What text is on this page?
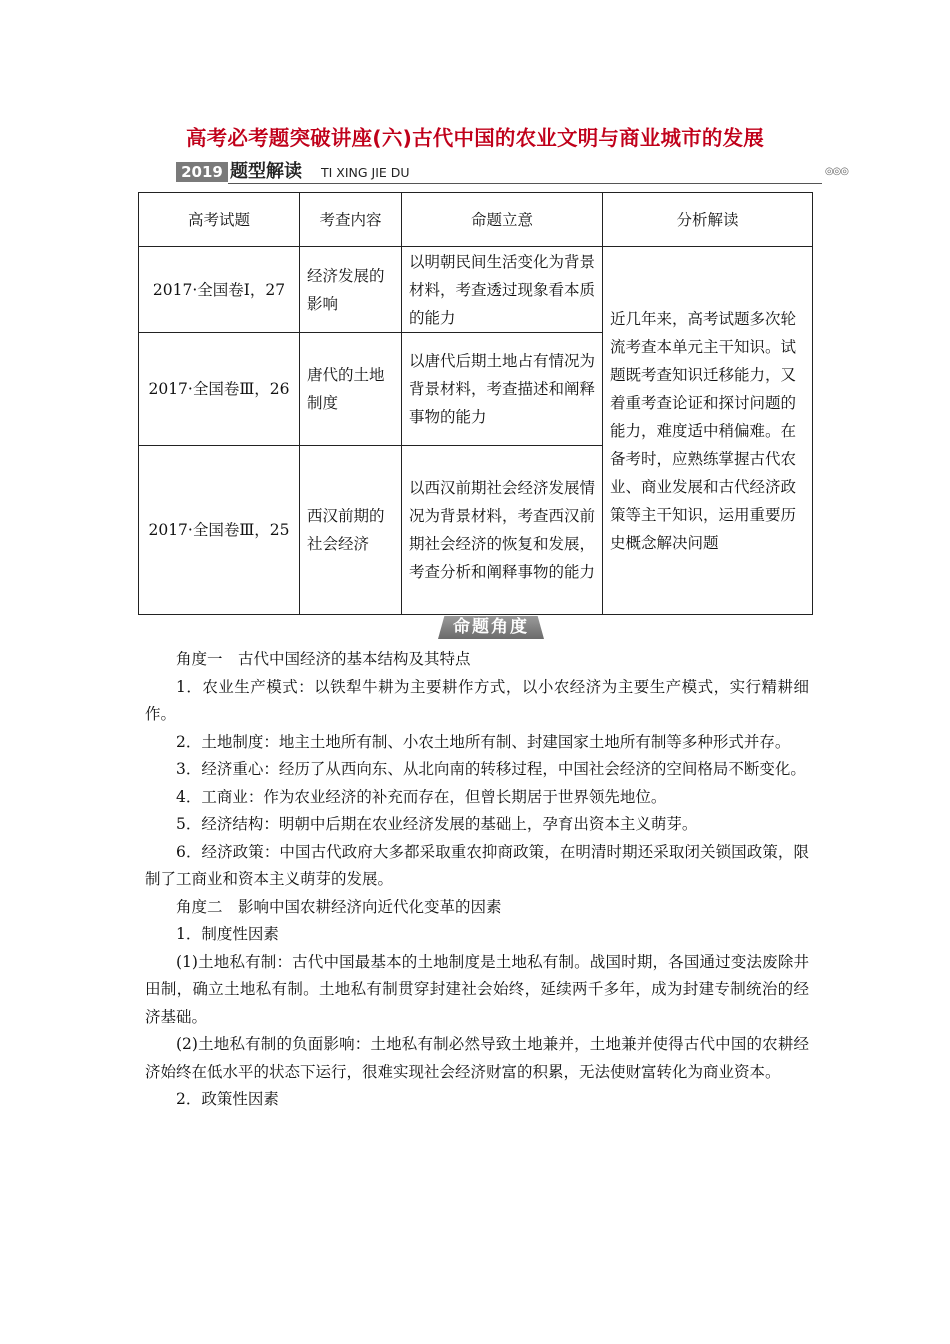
高考必考题突破讲座(六)古代中国的农业文明与商业城市的发展
2019 题型解读 TI XING JIE DU	◎◎◎
高考试题	考查内容	命题立意	分析解读
2017·全国卷Ⅰ，27	经济发展的影响	以明朝民间生活变化为背景材料，考查透过现象看本质的能力	近几年来，高考试题多次轮流考查本单元主干知识。试题既考查知识迁移能力，又着重考查论证和探讨问题的能力，难度适中稍偏难。在备考时，应熟练掌握古代农业、商业发展和古代经济政策等主干知识，运用重要历史概念解决问题
2017·全国卷Ⅲ，26	唐代的土地制度	以唐代后期土地占有情况为背景材料，考查描述和阐释事物的能力	
2017·全国卷Ⅲ，25	西汉前期的社会经济	以西汉前期社会经济发展情况为背景材料，考查西汉前期社会经济的恢复和发展，考查分析和阐释事物的能力	
命题角度

角度一　古代中国经济的基本结构及其特点

1．农业生产模式：以铁犁牛耕为主要耕作方式，以小农经济为主要生产模式，实行精耕细作。

2．土地制度：地主土地所有制、小农土地所有制、封建国家土地所有制等多种形式并存。

3．经济重心：经历了从西向东、从北向南的转移过程，中国社会经济的空间格局不断变化。

4．工商业：作为农业经济的补充而存在，但曾长期居于世界领先地位。

5．经济结构：明朝中后期在农业经济发展的基础上，孕育出资本主义萌芽。

6．经济政策：中国古代政府大多都采取重农抑商政策，在明清时期还采取闭关锁国政策，限制了工商业和资本主义萌芽的发展。

角度二　影响中国农耕经济向近代化变革的因素

1．制度性因素

(1)土地私有制：古代中国最基本的土地制度是土地私有制。战国时期，各国通过变法废除井田制，确立土地私有制。土地私有制贯穿封建社会始终，延续两千多年，成为封建专制统治的经济基础。

(2)土地私有制的负面影响：土地私有制必然导致土地兼并，土地兼并使得古代中国的农耕经济始终在低水平的状态下运行，很难实现社会经济财富的积累，无法使财富转化为商业资本。

2．政策性因素
